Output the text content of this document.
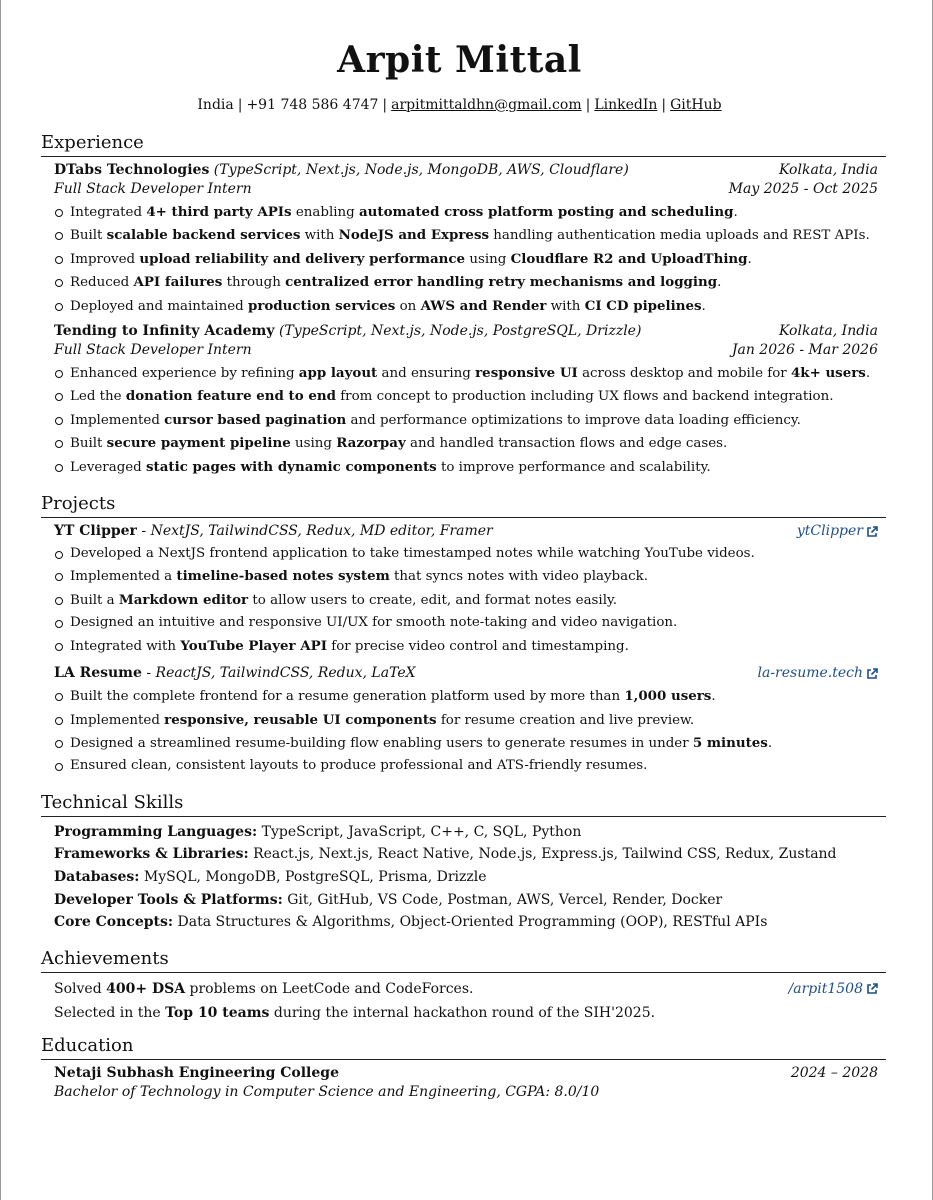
Arpit Mittal
India | +91 748 586 4747 | arpitmittaldhn@gmail.com | LinkedIn | GitHub
Experience
DTabs Technologies (TypeScript, Next.js, Node.js, MongoDB, AWS, Cloudflare)	Kolkata, India
Full Stack Developer Intern	May 2025 - Oct 2025
Integrated 4+ third party APIs enabling automated cross platform posting and scheduling.
Built scalable backend services with NodeJS and Express handling authentication media uploads and REST APIs.
Improved upload reliability and delivery performance using Cloudflare R2 and UploadThing.
Reduced API failures through centralized error handling retry mechanisms and logging.
Deployed and maintained production services on AWS and Render with CI CD pipelines.
Tending to Infinity Academy (TypeScript, Next.js, Node.js, PostgreSQL, Drizzle)	Kolkata, India
Full Stack Developer Intern	Jan 2026 - Mar 2026
Enhanced experience by refining app layout and ensuring responsive UI across desktop and mobile for 4k+ users.
Led the donation feature end to end from concept to production including UX flows and backend integration.
Implemented cursor based pagination and performance optimizations to improve data loading efficiency.
Built secure payment pipeline using Razorpay and handled transaction flows and edge cases.
Leveraged static pages with dynamic components to improve performance and scalability.
Projects
YT Clipper - NextJS, TailwindCSS, Redux, MD editor, Framer	ytClipper
Developed a NextJS frontend application to take timestamped notes while watching YouTube videos.
Implemented a timeline-based notes system that syncs notes with video playback.
Built a Markdown editor to allow users to create, edit, and format notes easily.
Designed an intuitive and responsive UI/UX for smooth note-taking and video navigation.
Integrated with YouTube Player API for precise video control and timestamping.
LA Resume - ReactJS, TailwindCSS, Redux, LaTeX	la-resume.tech
Built the complete frontend for a resume generation platform used by more than 1,000 users.
Implemented responsive, reusable UI components for resume creation and live preview.
Designed a streamlined resume-building flow enabling users to generate resumes in under 5 minutes.
Ensured clean, consistent layouts to produce professional and ATS-friendly resumes.
Technical Skills
Programming Languages: TypeScript, JavaScript, C++, C, SQL, Python
Frameworks & Libraries: React.js, Next.js, React Native, Node.js, Express.js, Tailwind CSS, Redux, Zustand
Databases: MySQL, MongoDB, PostgreSQL, Prisma, Drizzle
Developer Tools & Platforms: Git, GitHub, VS Code, Postman, AWS, Vercel, Render, Docker
Core Concepts: Data Structures & Algorithms, Object-Oriented Programming (OOP), RESTful APIs
Achievements
Solved 400+ DSA problems on LeetCode and CodeForces.	/arpit1508
Selected in the Top 10 teams during the internal hackathon round of the SIH'2025.
Education
Netaji Subhash Engineering College	2024 – 2028
Bachelor of Technology in Computer Science and Engineering, CGPA: 8.0/10
